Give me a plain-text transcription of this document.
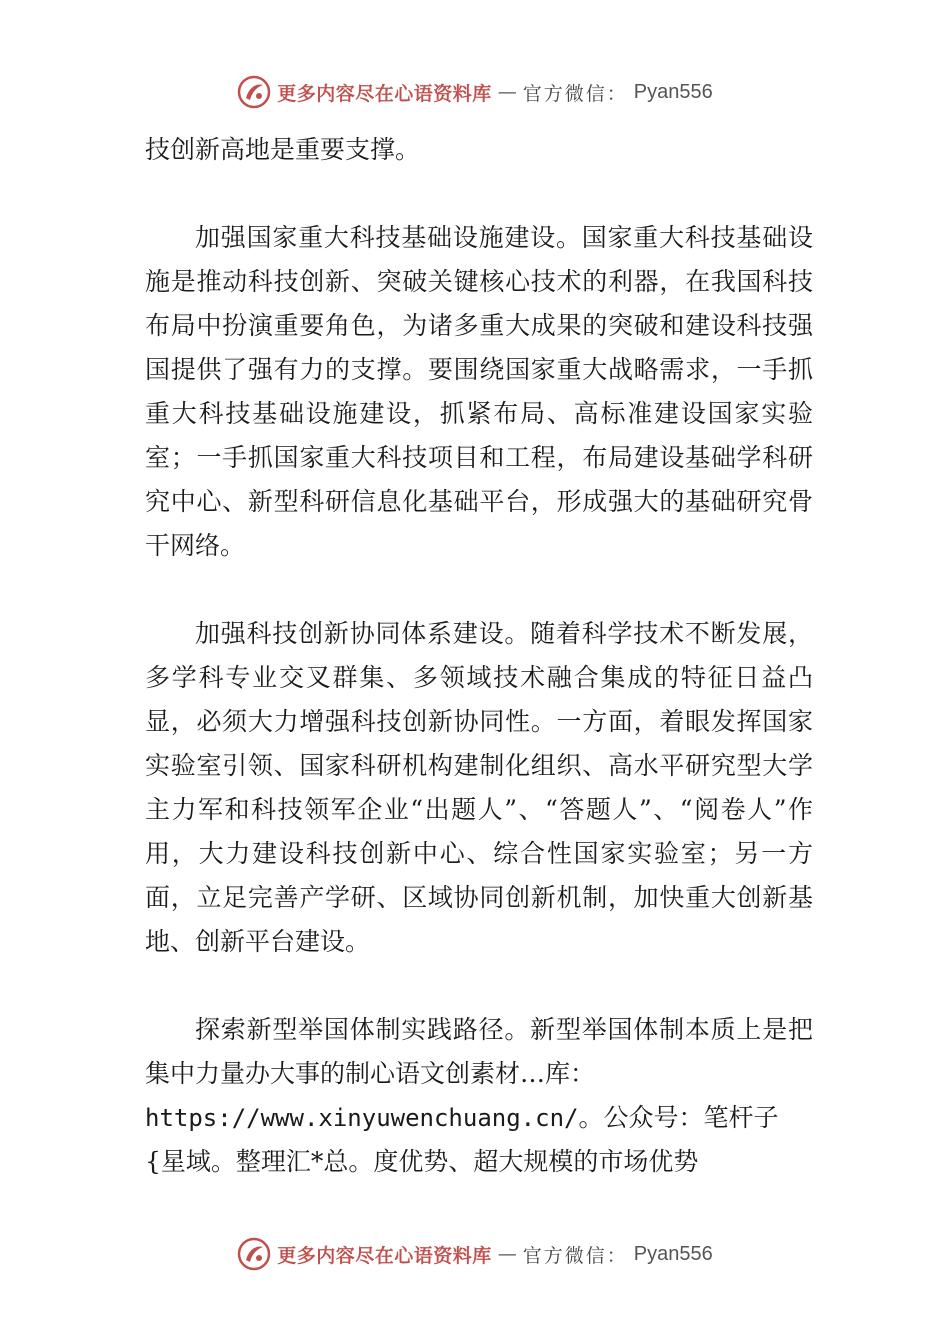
更多内容尽在心语资料库 — 官方微信： Pyan556

技创新高地是重要支撑。

加强国家重大科技基础设施建设。国家重大科技基础设施是推动科技创新、突破关键核心技术的利器，在我国科技布局中扮演重要角色，为诸多重大成果的突破和建设科技强国提供了强有力的支撑。要围绕国家重大战略需求，一手抓重大科技基础设施建设，抓紧布局、高标准建设国家实验室；一手抓国家重大科技项目和工程，布局建设基础学科研究中心、新型科研信息化基础平台，形成强大的基础研究骨干网络。

加强科技创新协同体系建设。随着科学技术不断发展，多学科专业交叉群集、多领域技术融合集成的特征日益凸显，必须大力增强科技创新协同性。一方面，着眼发挥国家实验室引领、国家科研机构建制化组织、高水平研究型大学主力军和科技领军企业“出题人”、“答题人”、“阅卷人”作用，大力建设科技创新中心、综合性国家实验室；另一方面，立足完善产学研、区域协同创新机制，加快重大创新基地、创新平台建设。

探索新型举国体制实践路径。新型举国体制本质上是把集中力量办大事的制心语文创素材…库：
https://www.xinyuwenchuang.cn/。公众号：笔杆子
{星域。整理汇*总。度优势、超大规模的市场优势

更多内容尽在心语资料库 — 官方微信： Pyan556
